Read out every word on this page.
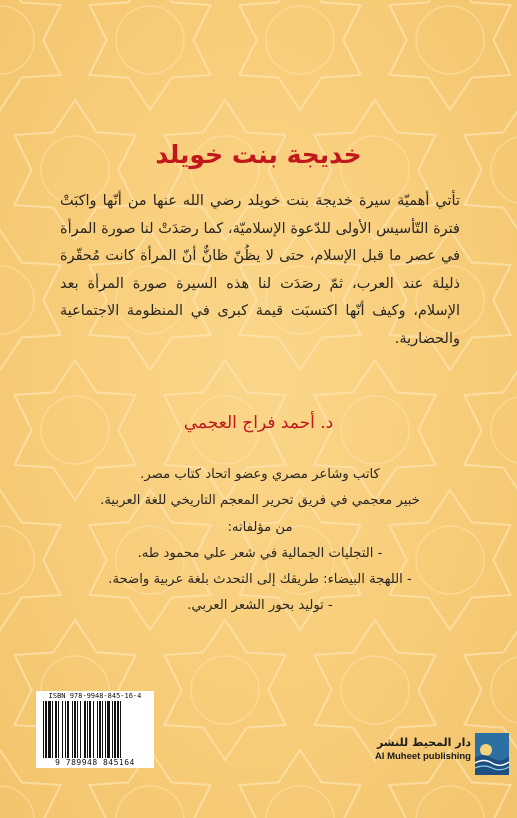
خديجة بنت خويلد
تأتي أهميّة سيرة خديجة بنت خويلد رضي الله عنها من أنّها واكبَتْ فترة التّأسيس الأولى للدّعوة الإسلاميّة، كما رصَدَتْ لنا صورة المرأة في عصر ما قبل الإسلام، حتى لا يظُنّ ظانٌّ أنّ المرأة كانت مُحقّرة ذليلة عند العرب، ثمّ رصَدَت لنا هذه السيرة صورة المرأة بعد الإسلام، وكيف أنّها اكتسبَت قيمة كبرى في المنظومة الاجتماعية والحضارية.
د. أحمد فراج العجمي
كاتب وشاعر مصري وعضو اتحاد كتاب مصر.
خبير معجمي في فريق تحرير المعجم التاريخي للغة العربية.
من مؤلفاته:
- التجليات الجمالية في شعر علي محمود طه.
- اللهجة البيضاء: طريقك إلى التحدث بلغة عربية واضحة.
- توليد بحور الشعر العربي.
ISBN 978-9948-845-16-4
9 789948 845164
دار المحيط للنشر
Al Muheet publishing
